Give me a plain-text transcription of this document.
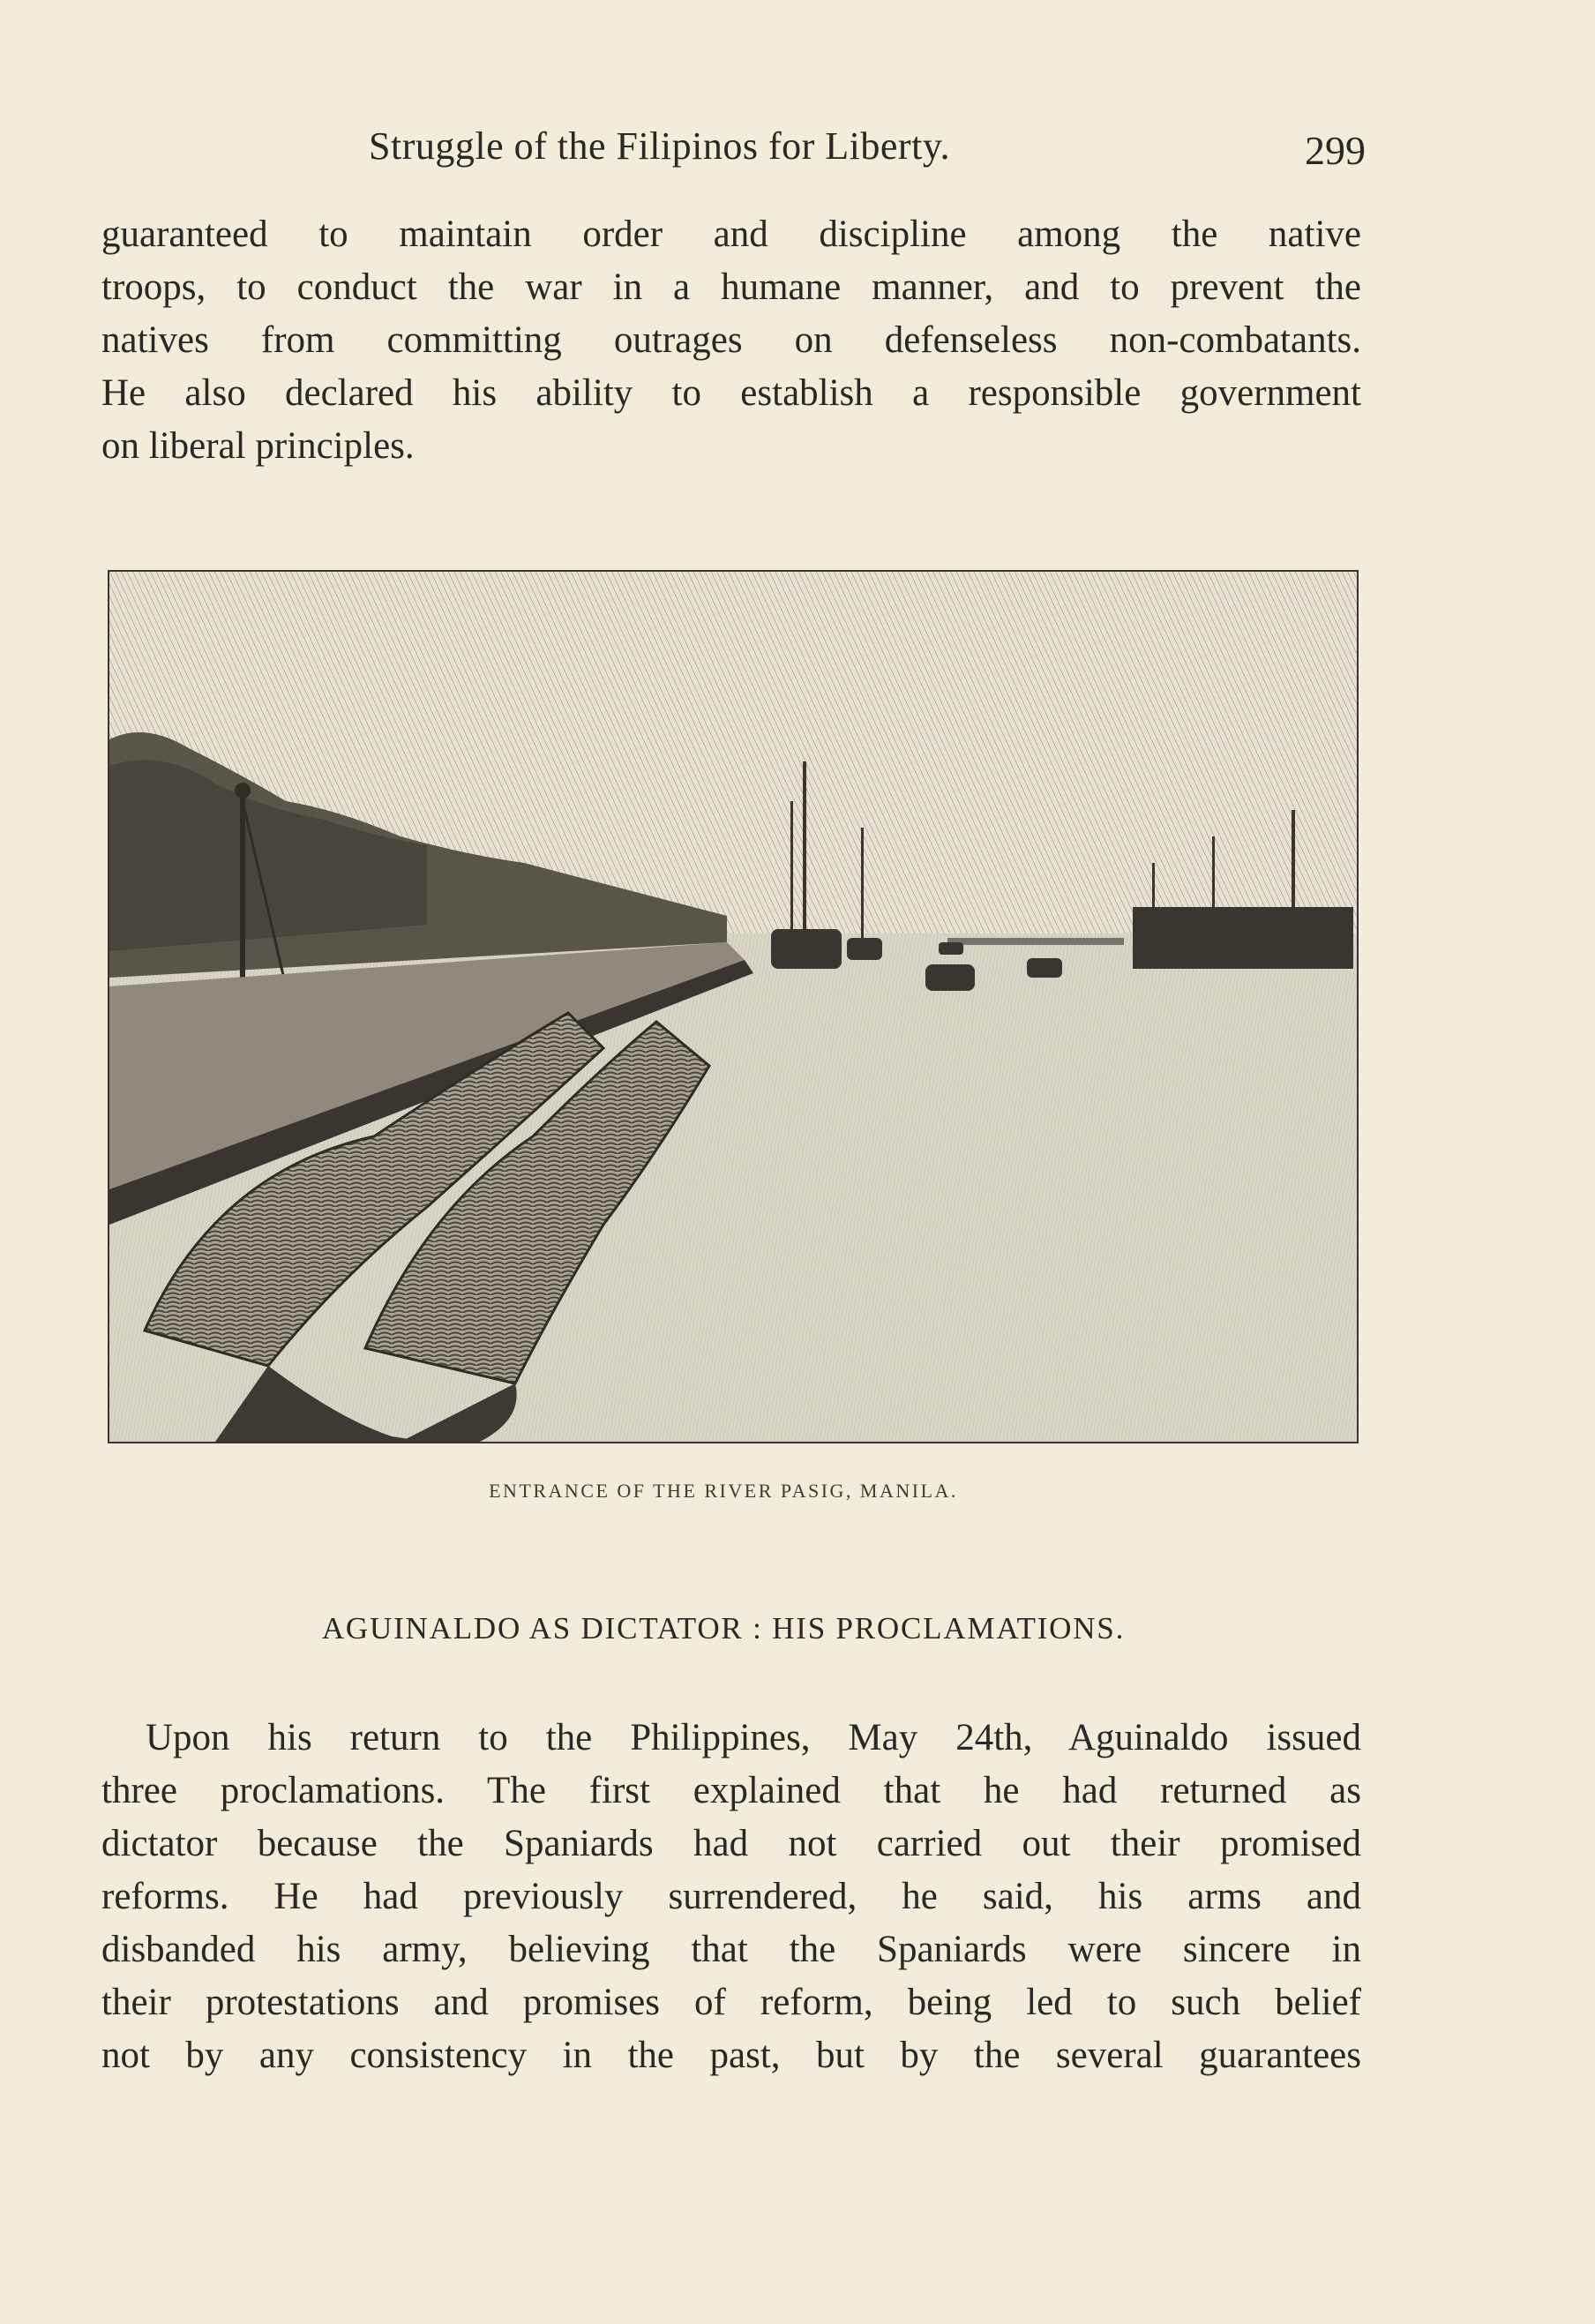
Struggle of the Filipinos for Liberty.	299
guaranteed to maintain order and discipline among the native
troops, to conduct the war in a humane manner, and to prevent the
natives from committing outrages on defenseless non-combatants.
He also declared his ability to establish a responsible government
on liberal principles.
ENTRANCE OF THE RIVER PASIG, MANILA.
AGUINALDO AS DICTATOR : HIS PROCLAMATIONS.
Upon his return to the Philippines, May 24th, Aguinaldo issued
three proclamations. The first explained that he had returned as
dictator because the Spaniards had not carried out their promised
reforms. He had previously surrendered, he said, his arms and
disbanded his army, believing that the Spaniards were sincere in
their protestations and promises of reform, being led to such belief
not by any consistency in the past, but by the several guarantees
